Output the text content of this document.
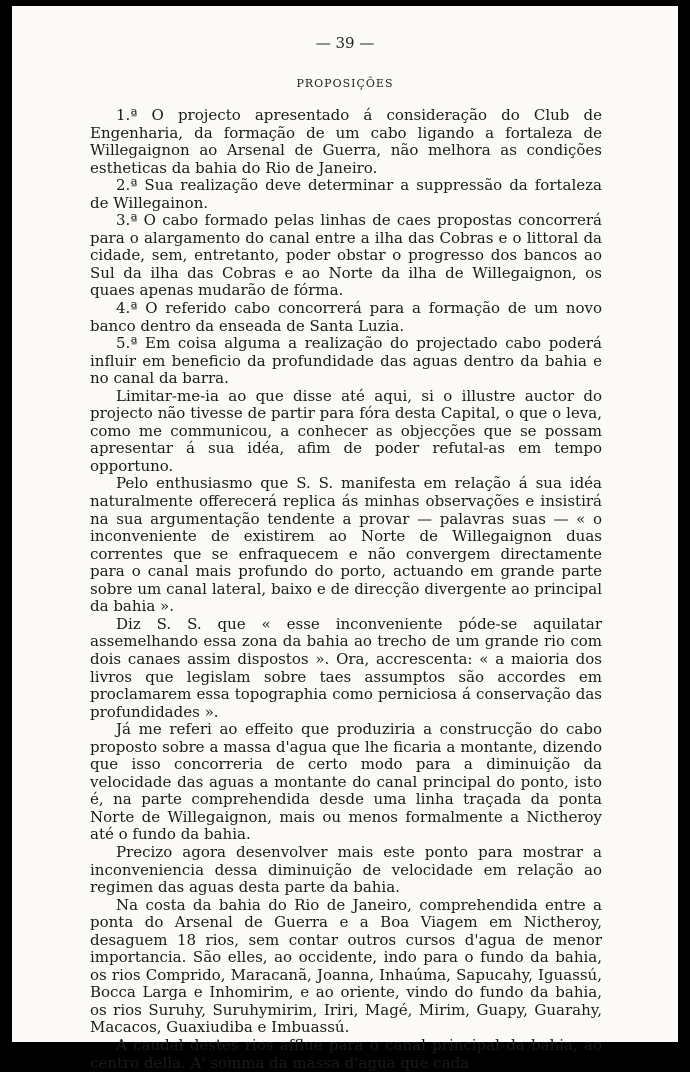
— 39 —
PROPOSIÇÕES

1.ª O projecto apresentado á consideração do Club de Engenharia, da formação de um cabo ligando a fortaleza de Willegaignon ao Arsenal de Guerra, não melhora as condições estheticas da bahia do Rio de Janeiro.

2.ª Sua realização deve determinar a suppressão da fortaleza de Willegainon.

3.ª O cabo formado pelas linhas de caes propostas concorrerá para o alargamento do canal entre a ilha das Cobras e o littoral da cidade, sem, entretanto, poder obstar o progresso dos bancos ao Sul da ilha das Cobras e ao Norte da ilha de Willegaignon, os quaes apenas mudarão de fórma.

4.ª O referido cabo concorrerá para a formação de um novo banco dentro da enseada de Santa Luzia.

5.ª Em coisa alguma a realização do projectado cabo poderá influir em beneficio da profundidade das aguas dentro da bahia e no canal da barra.

Limitar-me-ia ao que disse até aqui, si o illustre auctor do projecto não tivesse de partir para fóra desta Capital, o que o leva, como me communicou, a conhecer as objecções que se possam apresentar á sua idéa, afim de poder refutal-as em tempo opportuno.

Pelo enthusiasmo que S. S. manifesta em relação á sua idéa naturalmente offerecerá replica ás minhas observações e insistirá na sua argumentação tendente a provar — palavras suas — « o inconveniente de existirem ao Norte de Willegaignon duas correntes que se enfraquecem e não convergem directamente para o canal mais profundo do porto, actuando em grande parte sobre um canal lateral, baixo e de direcção divergente ao principal da bahia ».

Diz S. S. que « esse inconveniente póde-se aquilatar assemelhando essa zona da bahia ao trecho de um grande rio com dois canaes assim dispostos ». Ora, accrescenta: « a maioria dos livros que legislam sobre taes assumptos são accordes em proclamarem essa topographia como perniciosa á conservação das profundidades ».

Já me referi ao effeito que produziria a construcção do cabo proposto sobre a massa d'agua que lhe ficaria a montante, dizendo que isso concorreria de certo modo para a diminuição da velocidade das aguas a montante do canal principal do ponto, isto é, na parte comprehendida desde uma linha traçada da ponta Norte de Willegaignon, mais ou menos formalmente a Nictheroy até o fundo da bahia.

Precizo agora desenvolver mais este ponto para mostrar a inconveniencia dessa diminuição de velocidade em relação ao regimen das aguas desta parte da bahia.

Na costa da bahia do Rio de Janeiro, comprehendida entre a ponta do Arsenal de Guerra e a Boa Viagem em Nictheroy, desaguem 18 rios, sem contar outros cursos d'agua de menor importancia. São elles, ao occidente, indo para o fundo da bahia, os rios Comprido, Maracanã, Joanna, Inhaúma, Sapucahy, Iguassú, Bocca Larga e Inhomirim, e ao oriente, vindo do fundo da bahia, os rios Suruhy, Suruhymirim, Iriri, Magé, Mirim, Guapy, Guarahy, Macacos, Guaxiudiba e Imbuassú.

A caudal destes rios afflue para o canal principal da bahia, ao centro della. A' somma da massa d'agua que cada
